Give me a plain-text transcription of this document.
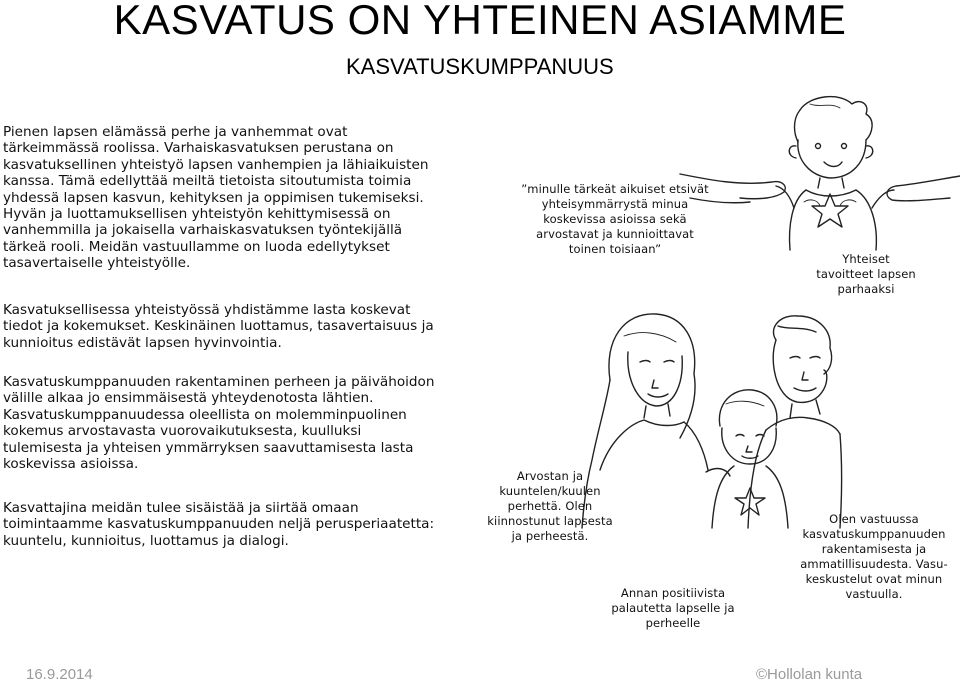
KASVATUS ON YHTEINEN ASIAMME
KASVATUSKUMPPANUUS

Pienen lapsen elämässä perhe ja vanhemmat ovat
tärkeimmässä roolissa. Varhaiskasvatuksen perustana on
kasvatuksellinen yhteistyö lapsen vanhempien ja lähiaikuisten
kanssa. Tämä edellyttää meiltä tietoista sitoutumista toimia
yhdessä lapsen kasvun, kehityksen ja oppimisen tukemiseksi.
Hyvän ja luottamuksellisen yhteistyön kehittymisessä on
vanhemmilla ja jokaisella varhaiskasvatuksen työntekijällä
tärkeä rooli. Meidän vastuullamme on luoda edellytykset
tasavertaiselle yhteistyölle.

Kasvatuksellisessa yhteistyössä yhdistämme lasta koskevat
tiedot ja kokemukset. Keskinäinen luottamus, tasavertaisuus ja
kunnioitus edistävät lapsen hyvinvointia.

Kasvatuskumppanuuden rakentaminen perheen ja päivähoidon
välille alkaa jo ensimmäisestä yhteydenotosta lähtien.
Kasvatuskumppanuudessa oleellista on molemminpuolinen
kokemus arvostavasta vuorovaikutuksesta, kuulluksi
tulemisesta ja yhteisen ymmärryksen saavuttamisesta lasta
koskevissa asioissa.

Kasvattajina meidän tulee sisäistää ja siirtää omaan
toimintaamme kasvatuskumppanuuden neljä perusperiaatetta:
kuuntelu, kunnioitus, luottamus ja dialogi.

”minulle tärkeät aikuiset etsivät
yhteisymmärrystä minua
koskevissa asioissa sekä
arvostavat ja kunnioittavat
toinen toisiaan”

Yhteiset
tavoitteet lapsen
parhaaksi

Arvostan ja
kuuntelen/kuulen
perhettä. Olen
kiinnostunut lapsesta
ja perheestä.

Annan positiivista
palautetta lapselle ja
perheelle

Olen vastuussa
kasvatuskumppanuuden
rakentamisesta ja
ammatillisuudesta. Vasu-
keskustelut ovat minun
vastuulla.

16.9.2014	©Hollolan kunta
